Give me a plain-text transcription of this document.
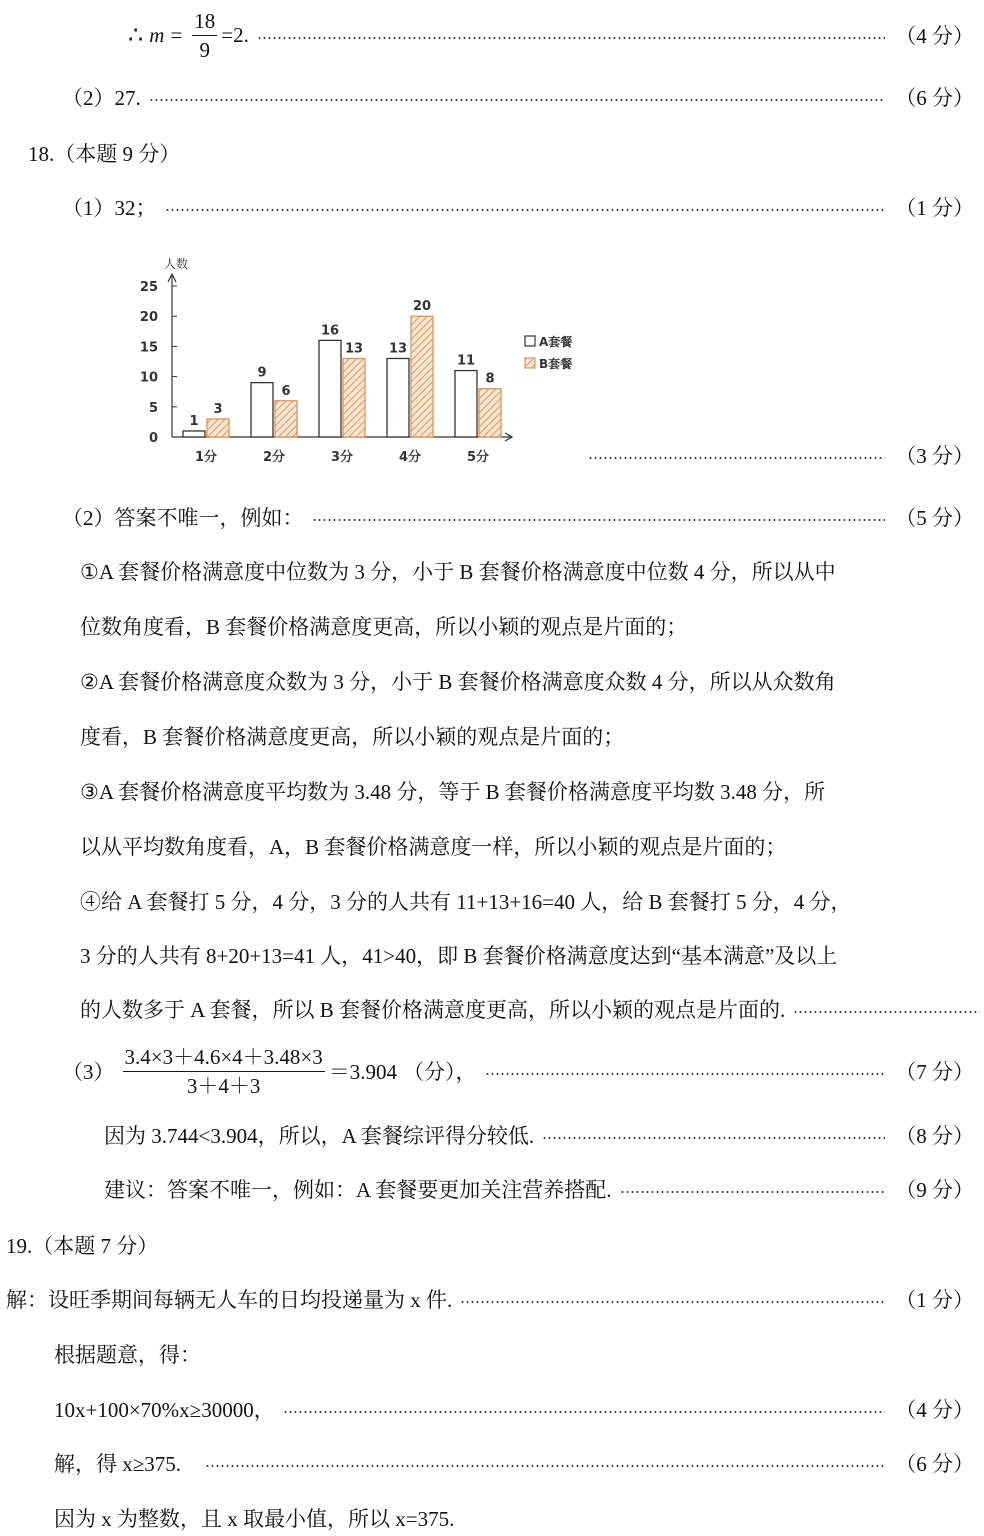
∴ $m = \frac{18}{9} =2$.	（4 分）
（2）27.	（6 分）
18.（本题 9 分）
（1）32；	（1 分）
人数
0
5
10
15
20
25
1分
1
3
2分
9
6
3分
16
13
4分
13
20
5分
11
8
A套餐
B套餐
（3 分）
（2）答案不唯一，例如：	（5 分）
①A 套餐价格满意度中位数为 3 分，小于 B 套餐价格满意度中位数 4 分，所以从中
位数角度看，B 套餐价格满意度更高，所以小颖的观点是片面的；
②A 套餐价格满意度众数为 3 分，小于 B 套餐价格满意度众数 4 分，所以从众数角
度看，B 套餐价格满意度更高，所以小颖的观点是片面的；
③A 套餐价格满意度平均数为 3.48 分，等于 B 套餐价格满意度平均数 3.48 分，所
以从平均数角度看，A，B 套餐价格满意度一样，所以小颖的观点是片面的；
④给 A 套餐打 5 分，4 分，3 分的人共有 11+13+16=40 人，给 B 套餐打 5 分，4 分，
3 分的人共有 8+20+13=41 人，41>40，即 B 套餐价格满意度达到“基本满意”及以上
的人数多于 A 套餐，所以 B 套餐价格满意度更高，所以小颖的观点是片面的.
$(3) \frac{3.4\times 3+4.6\times 4+3.48\times 3}{3+4+3} =3.904$ （分），	（7 分）
因为 3.744<3.904，所以，A 套餐综评得分较低.	（8 分）
建议：答案不唯一，例如：A 套餐要更加关注营养搭配.	（9 分）
19.（本题 7 分）
解：设旺季期间每辆无人车的日均投递量为 x 件.	（1 分）
根据题意，得：
10x+100×70%x≥30000，	（4 分）
解，得 x≥375.	（6 分）
因为 x 为整数，且 x 取最小值，所以 x=375.
